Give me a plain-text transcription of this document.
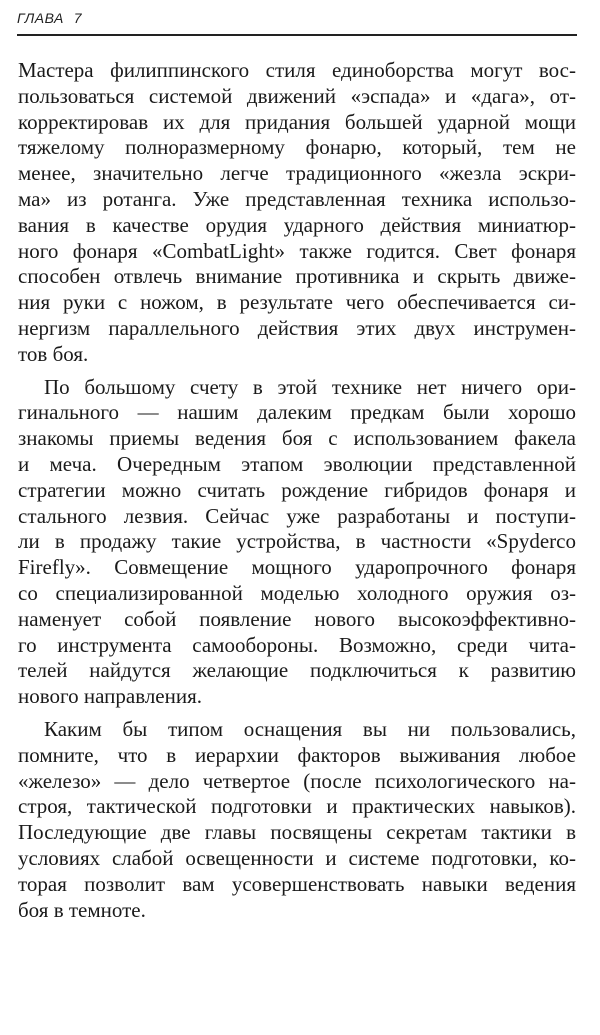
ГЛАВА 7
Мастера филиппинского стиля единоборства могут вос-
пользоваться системой движений «эспада» и «дага», от-
корректировав их для придания большей ударной мощи
тяжелому полноразмерному фонарю, который, тем не
менее, значительно легче традиционного «жезла эскри-
ма» из ротанга. Уже представленная техника использо-
вания в качестве орудия ударного действия миниатюр-
ного фонаря «CombatLight» также годится. Свет фонаря
способен отвлечь внимание противника и скрыть движе-
ния руки с ножом, в результате чего обеспечивается си-
нергизм параллельного действия этих двух инструмен-
тов боя.
По большому счету в этой технике нет ничего ори-
гинального — нашим далеким предкам были хорошо
знакомы приемы ведения боя с использованием факела
и меча. Очередным этапом эволюции представленной
стратегии можно считать рождение гибридов фонаря и
стального лезвия. Сейчас уже разработаны и поступи-
ли в продажу такие устройства, в частности «Spyderco
Firefly». Совмещение мощного ударопрочного фонаря
со специализированной моделью холодного оружия оз-
наменует собой появление нового высокоэффективно-
го инструмента самообороны. Возможно, среди чита-
телей найдутся желающие подключиться к развитию
нового направления.
Каким бы типом оснащения вы ни пользовались,
помните, что в иерархии факторов выживания любое
«железо» — дело четвертое (после психологического на-
строя, тактической подготовки и практических навыков).
Последующие две главы посвящены секретам тактики в
условиях слабой освещенности и системе подготовки, ко-
торая позволит вам усовершенствовать навыки ведения
боя в темноте.
